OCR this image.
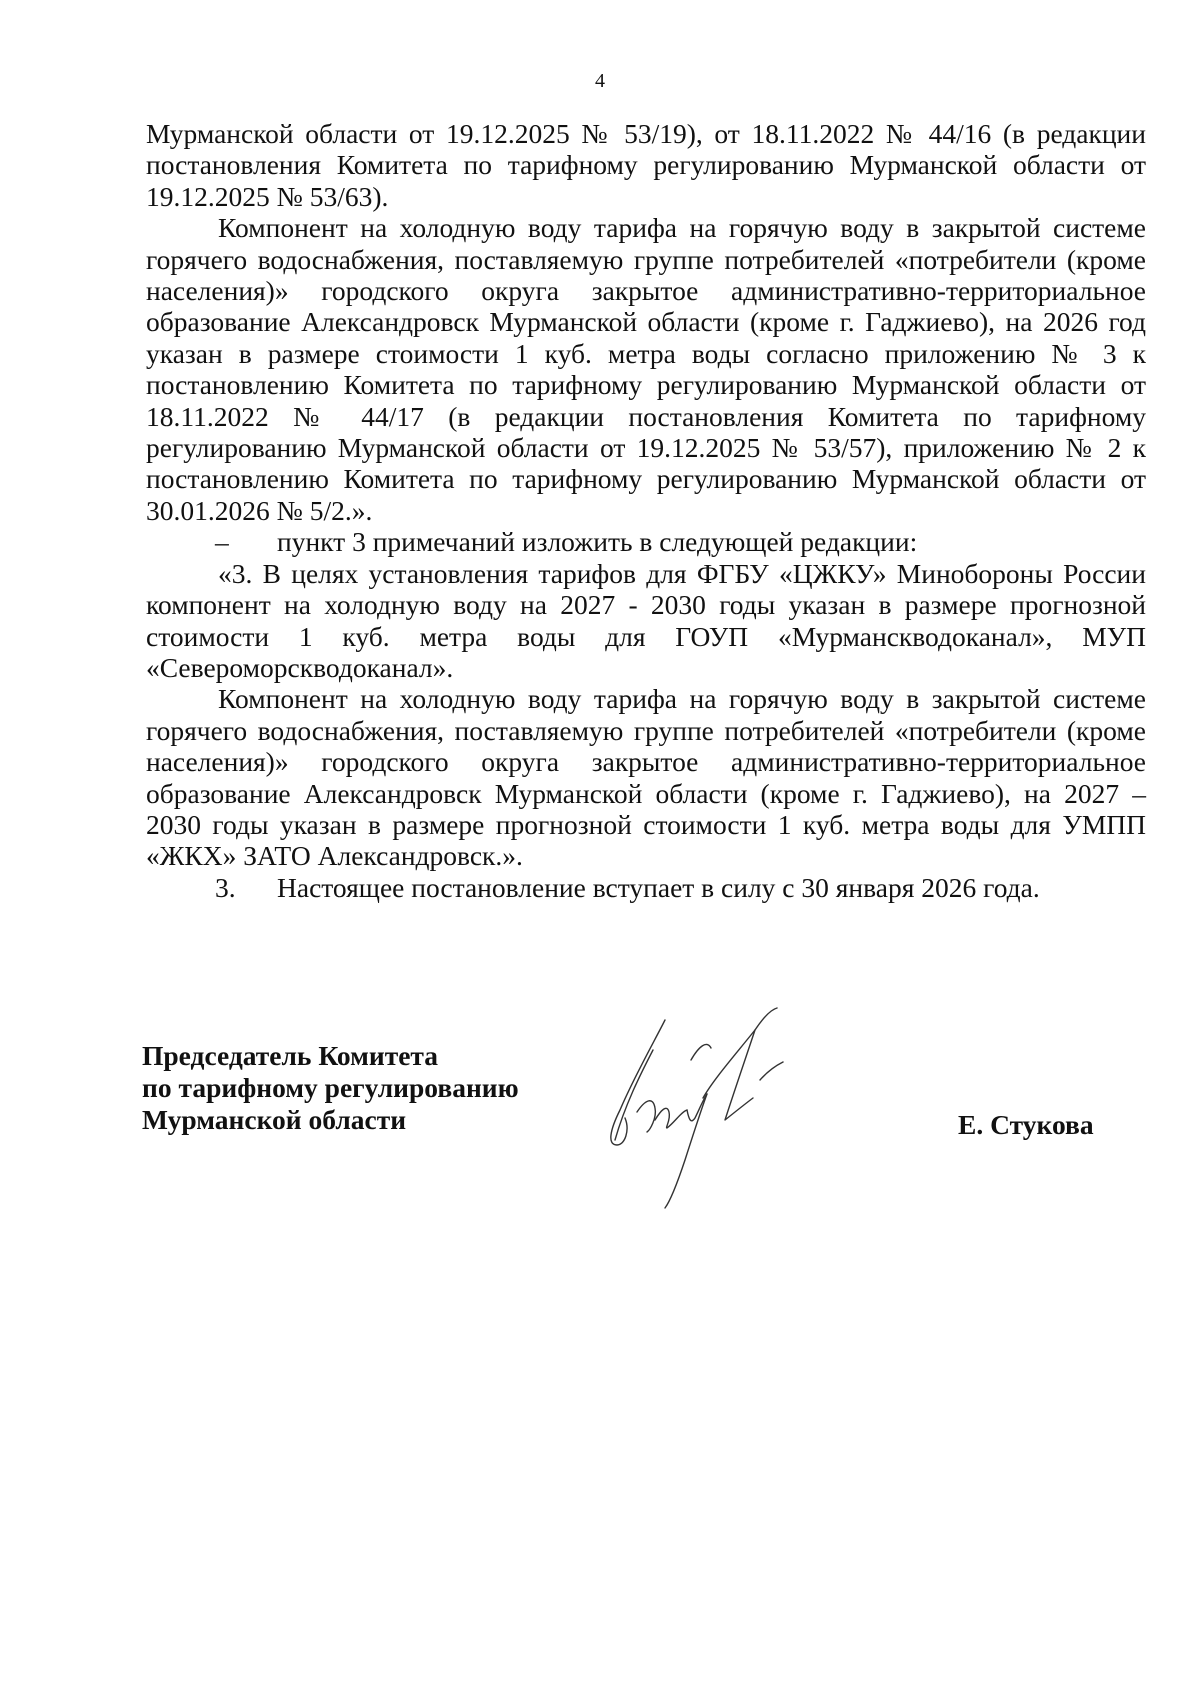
4

Мурманской области от 19.12.2025 № 53/19), от 18.11.2022 № 44/16 (в редакции постановления Комитета по тарифному регулированию Мурманской области от 19.12.2025 № 53/63).

Компонент на холодную воду тарифа на горячую воду в закрытой системе горячего водоснабжения, поставляемую группе потребителей «потребители (кроме населения)» городского округа закрытое административно-территориальное образование Александровск Мурманской области (кроме г. Гаджиево), на 2026 год указан в размере стоимости 1 куб. метра воды согласно приложению № 3 к постановлению Комитета по тарифному регулированию Мурманской области от 18.11.2022 № 44/17 (в редакции постановления Комитета по тарифному регулированию Мурманской области от 19.12.2025 № 53/57), приложению № 2 к постановлению Комитета по тарифному регулированию Мурманской области от 30.01.2026 № 5/2.».

–	пункт 3 примечаний изложить в следующей редакции:

«3. В целях установления тарифов для ФГБУ «ЦЖКУ» Минобороны России компонент на холодную воду на 2027 - 2030 годы указан в размере прогнозной стоимости 1 куб. метра воды для ГОУП «Мурманскводоканал», МУП «Североморскводоканал».

Компонент на холодную воду тарифа на горячую воду в закрытой системе горячего водоснабжения, поставляемую группе потребителей «потребители (кроме населения)» городского округа закрытое административно-территориальное образование Александровск Мурманской области (кроме г. Гаджиево), на 2027 – 2030 годы указан в размере прогнозной стоимости 1 куб. метра воды для УМПП «ЖКХ» ЗАТО Александровск.».

3.	Настоящее постановление вступает в силу с 30 января 2026 года.
Председатель Комитета
по тарифному регулированию
Мурманской области	Е. Стукова
